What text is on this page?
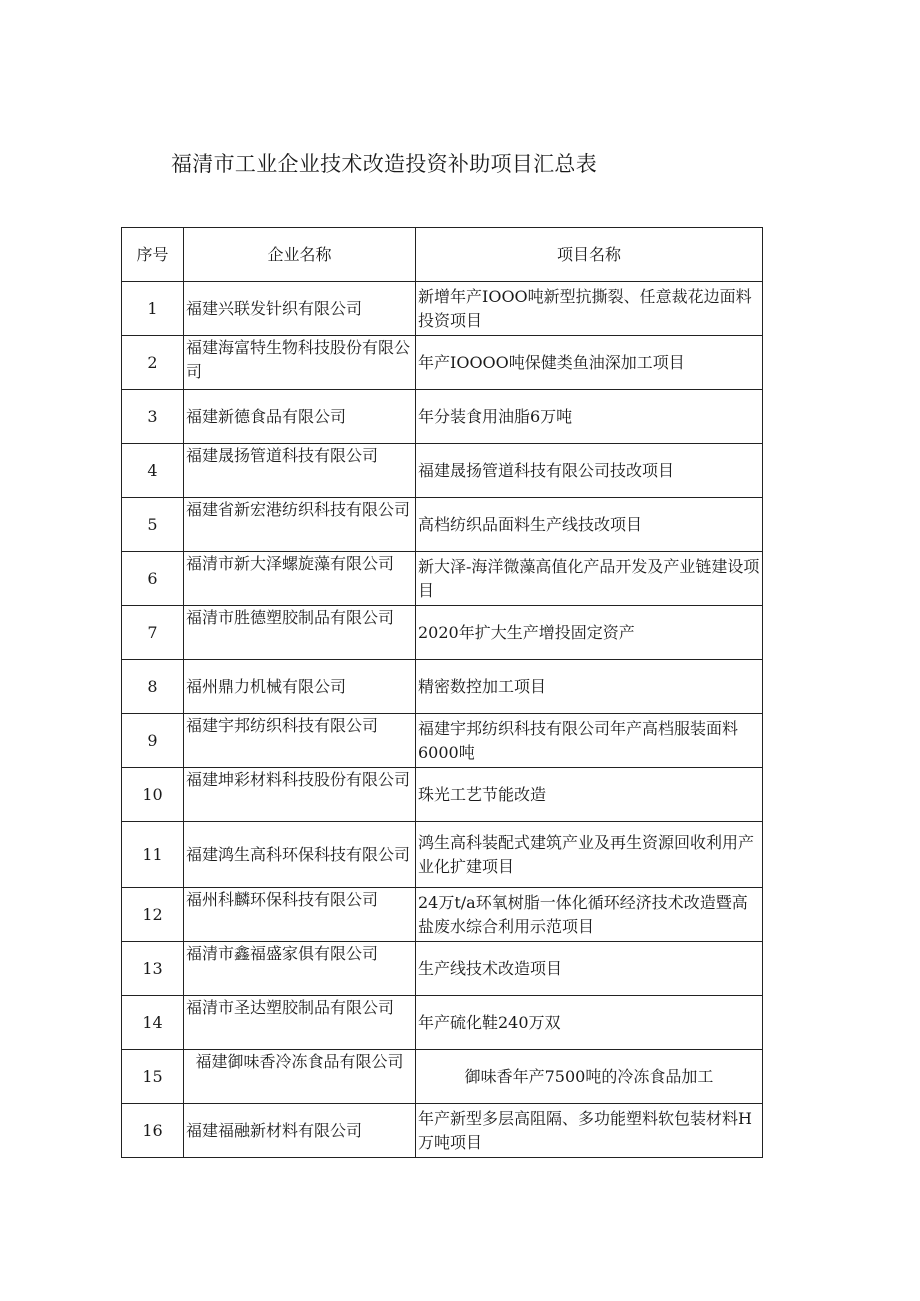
福清市工业企业技术改造投资补助项目汇总表
序号	企业名称	项目名称
1	福建兴联发针织有限公司	新增年产IOOO吨新型抗撕裂、任意裁花边面料投资项目
2	福建海富特生物科技股份有限公司	年产IOOOO吨保健类鱼油深加工项目
3	福建新德食品有限公司	年分装食用油脂6万吨
4	福建晟扬管道科技有限公司	福建晟扬管道科技有限公司技改项目
5	福建省新宏港纺织科技有限公司	高档纺织品面料生产线技改项目
6	福清市新大泽螺旋藻有限公司	新大泽-海洋微藻高值化产品开发及产业链建设项目
7	福清市胜德塑胶制品有限公司	2020年扩大生产增投固定资产
8	福州鼎力机械有限公司	精密数控加工项目
9	福建宇邦纺织科技有限公司	福建宇邦纺织科技有限公司年产高档服装面料6000吨
10	福建坤彩材料科技股份有限公司	珠光工艺节能改造
11	福建鸿生高科环保科技有限公司	鸿生高科装配式建筑产业及再生资源回收利用产业化扩建项目
12	福州科麟环保科技有限公司	24万t/a环氧树脂一体化循环经济技术改造暨高盐废水综合利用示范项目
13	福清市鑫福盛家俱有限公司	生产线技术改造项目
14	福清市圣达塑胶制品有限公司	年产硫化鞋240万双
15	福建御味香冷冻食品有限公司	御味香年产7500吨的冷冻食品加工
16	福建福融新材料有限公司	年产新型多层高阻隔、多功能塑料软包装材料H万吨项目
